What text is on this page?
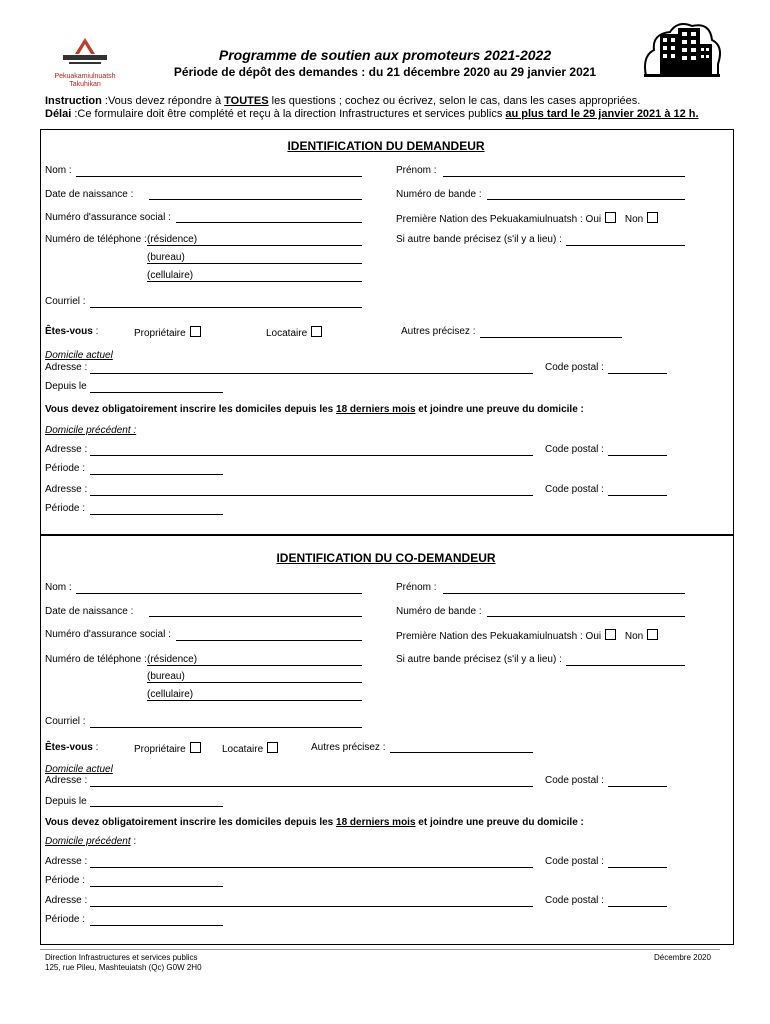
Pekuakamiulnuatsh
Takuhikan
Programme de soutien aux promoteurs 2021-2022
Période de dépôt des demandes : du 21 décembre 2020 au 29 janvier 2021
Instruction :Vous devez répondre à TOUTES les questions ; cochez ou écrivez, selon le cas, dans les cases appropriées.
Délai :Ce formulaire doit être complété et reçu à la direction Infrastructures et services publics au plus tard le 29 janvier 2021 à 12 h.
IDENTIFICATION DU DEMANDEUR
Nom :	Prénom :
Date de naissance :	Numéro de bande :
Numéro d'assurance social :	Première Nation des Pekuakamiulnuatsh : Oui Non
Numéro de téléphone : (résidence)	Si autre bande précisez (s'il y a lieu) :
(bureau)
(cellulaire)
Courriel :
Êtes-vous :	Propriétaire	Locataire	Autres précisez :
Domicile actuel
Adresse :	Code postal :
Depuis le
Vous devez obligatoirement inscrire les domiciles depuis les 18 derniers mois et joindre une preuve du domicile :
Domicile précédent :
Adresse :	Code postal :
Période :
Adresse :	Code postal :
Période :
IDENTIFICATION DU CO-DEMANDEUR
Nom :	Prénom :
Date de naissance :	Numéro de bande :
Numéro d'assurance social :	Première Nation des Pekuakamiulnuatsh : Oui Non
Numéro de téléphone : (résidence)	Si autre bande précisez (s'il y a lieu) :
(bureau)
(cellulaire)
Courriel :
Êtes-vous :	Propriétaire	Locataire	Autres précisez :
Domicile actuel
Adresse :	Code postal :
Depuis le
Vous devez obligatoirement inscrire les domiciles depuis les 18 derniers mois et joindre une preuve du domicile :
Domicile précédent :
Adresse :	Code postal :
Période :
Adresse :	Code postal :
Période :
Direction Infrastructures et services publics
125, rue Pileu, Mashteuiatsh (Qc) G0W 2H0
Décembre 2020
